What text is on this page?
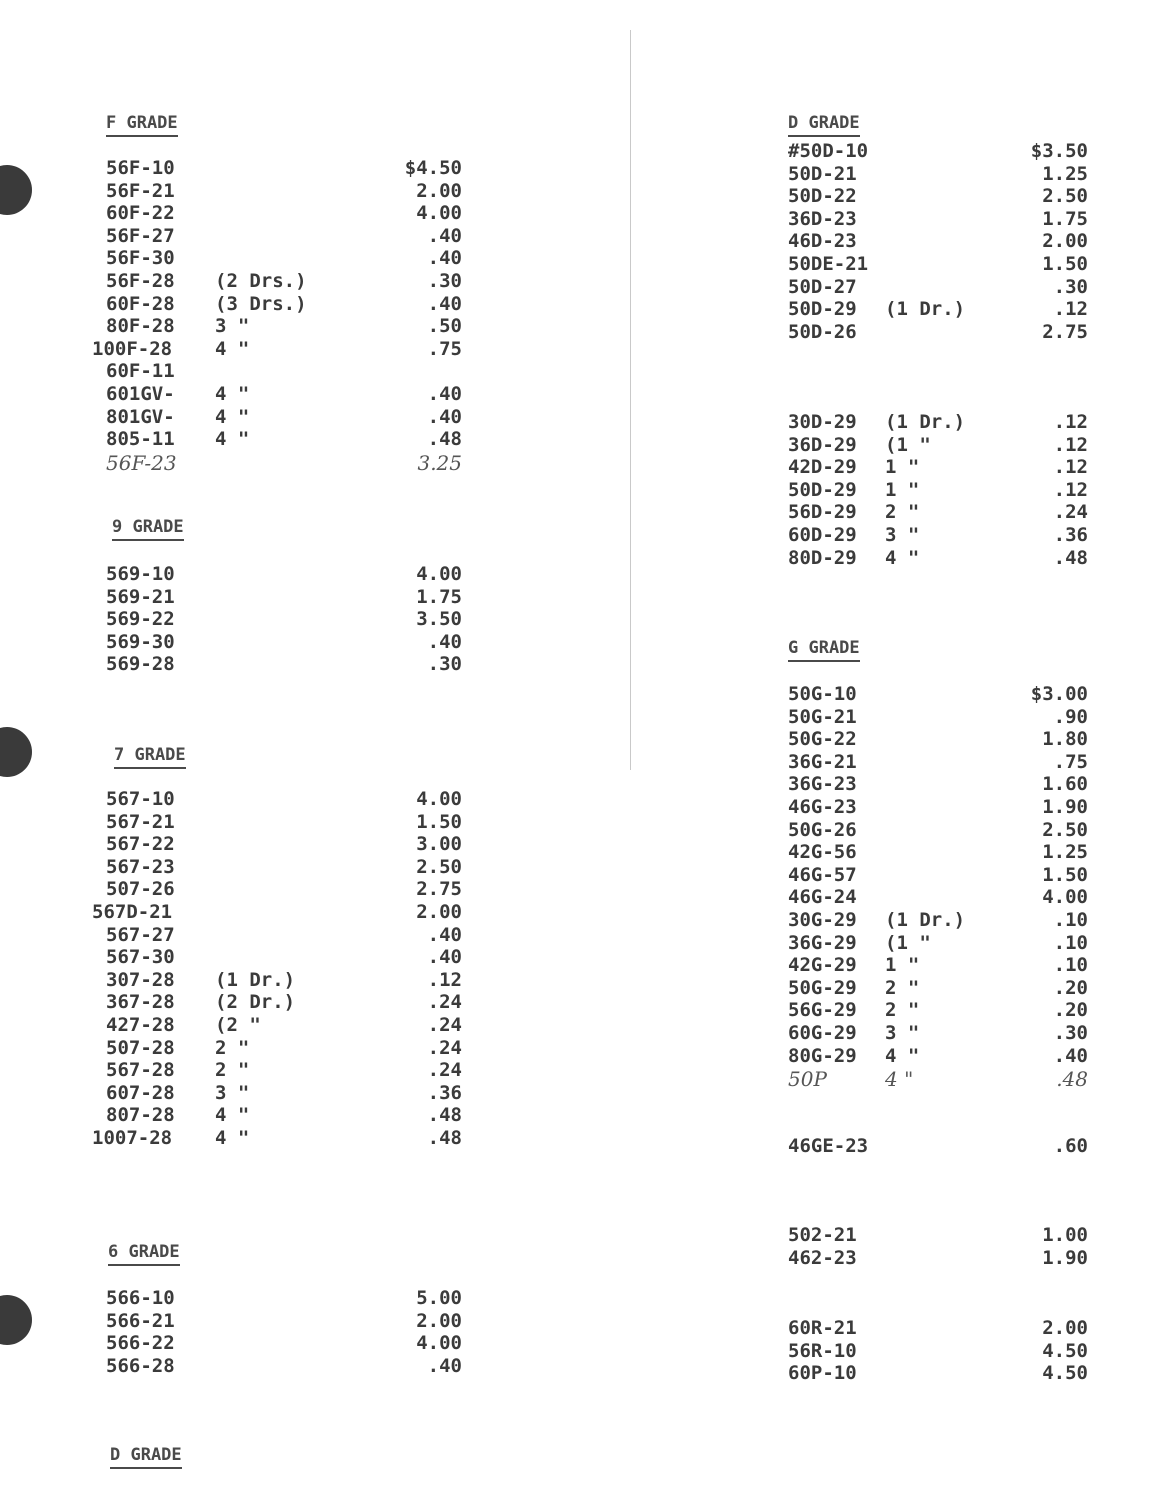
F GRADE
56F-10	$4.50
56F-21	2.00
60F-22	4.00
56F-27	.40
56F-30	.40
56F-28 (2 Drs.)	.30
60F-28 (3 Drs.)	.40
80F-28 3 "	.50
100F-28 4 "	.75
60F-11
601GV- 4 "	.40
801GV- 4 "	.40
805-11 4 "	.48
56F-23	3.25
9 GRADE
569-10	4.00
569-21	1.75
569-22	3.50
569-30	.40
569-28	.30
7 GRADE
567-10	4.00
567-21	1.50
567-22	3.00
567-23	2.50
507-26	2.75
567D-21	2.00
567-27	.40
567-30	.40
307-28 (1 Dr.)	.12
367-28 (2 Dr.)	.24
427-28 (2 "	.24
507-28 2 "	.24
567-28 2 "	.24
607-28 3 "	.36
807-28 4 "	.48
1007-28 4 "	.48
6 GRADE
566-10	5.00
566-21	2.00
566-22	4.00
566-28	.40
D GRADE
D GRADE
#50D-10	$3.50
50D-21	1.25
50D-22	2.50
36D-23	1.75
46D-23	2.00
50DE-21	1.50
50D-27	.30
50D-29 (1 Dr.)	.12
50D-26	2.75
30D-29 (1 Dr.)	.12
36D-29 (1 "	.12
42D-29 1 "	.12
50D-29 1 "	.12
56D-29 2 "	.24
60D-29 3 "	.36
80D-29 4 "	.48
G GRADE
50G-10	$3.00
50G-21	.90
50G-22	1.80
36G-21	.75
36G-23	1.60
46G-23	1.90
50G-26	2.50
42G-56	1.25
46G-57	1.50
46G-24	4.00
30G-29 (1 Dr.)	.10
36G-29 (1 "	.10
42G-29 1 "	.10
50G-29 2 "	.20
56G-29 2 "	.20
60G-29 3 "	.30
80G-29 4 "	.40
50P	4 "	.48
46GE-23	.60
502-21	1.00
462-23	1.90
60R-21	2.00
56R-10	4.50
60P-10	4.50
